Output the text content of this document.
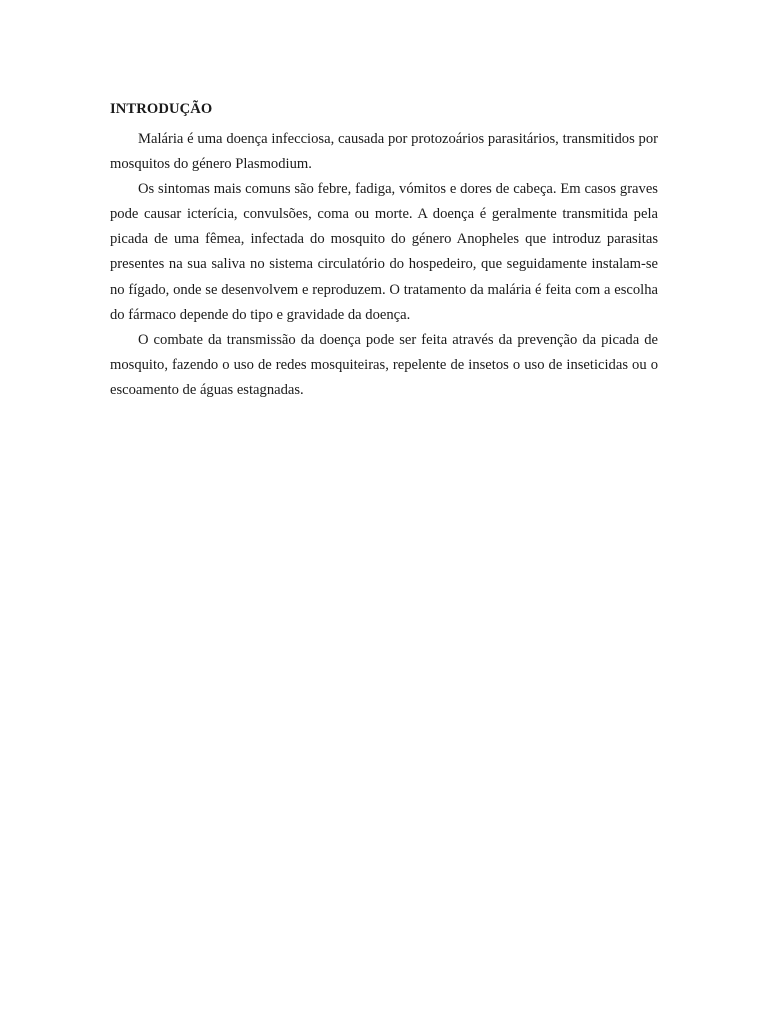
INTRODUÇÃO

Malária é uma doença infecciosa, causada por protozoários parasitários, transmitidos por mosquitos do género Plasmodium.

Os sintomas mais comuns são febre, fadiga, vómitos e dores de cabeça. Em casos graves pode causar icterícia, convulsões, coma ou morte. A doença é geralmente transmitida pela picada de uma fêmea, infectada do mosquito do género Anopheles que introduz parasitas presentes na sua saliva no sistema circulatório do hospedeiro, que seguidamente instalam-se no fígado, onde se desenvolvem e reproduzem. O tratamento da malária é feita com a escolha do fármaco depende do tipo e gravidade da doença.

O combate da transmissão da doença pode ser feita através da prevenção da picada de mosquito, fazendo o uso de redes mosquiteiras, repelente de insetos o uso de inseticidas ou o escoamento de águas estagnadas.
